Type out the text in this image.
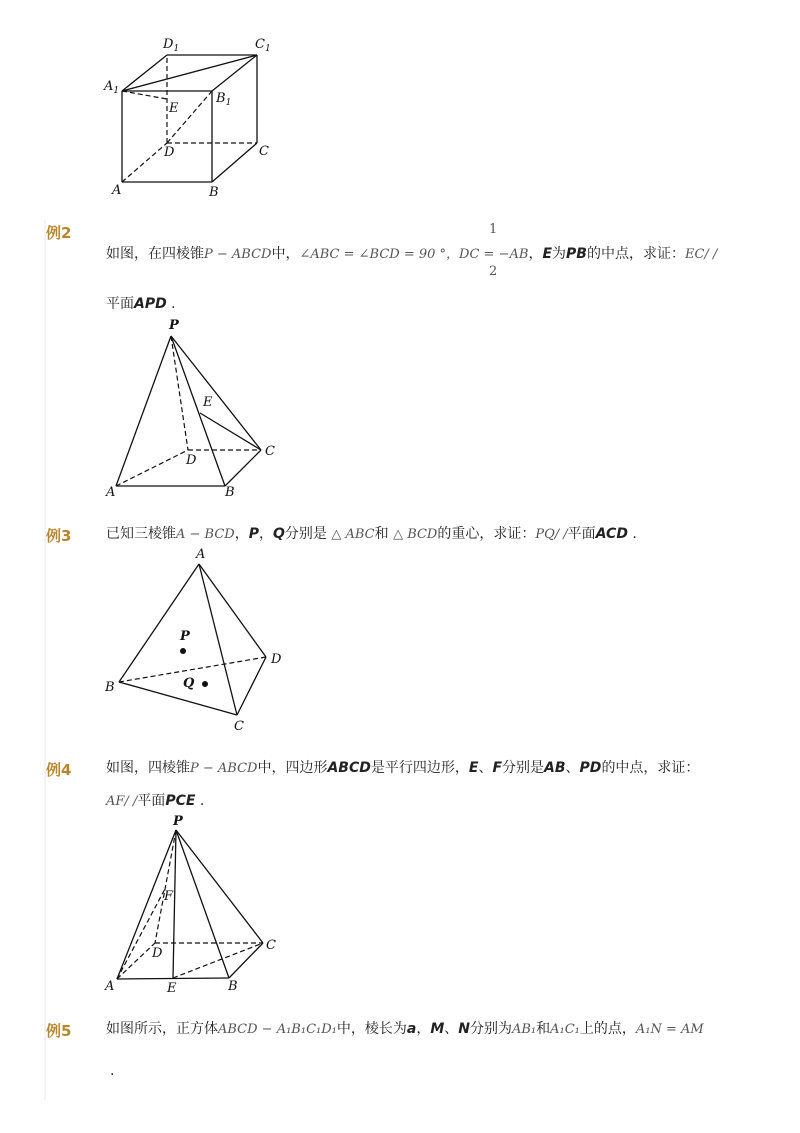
$D_1$	$C_1$
$A_1$	$B_1$
E
D	C
A	B
例2	1
2
如图，在四棱锥P − ABCD中，∠ABC = ∠BCD = 90 °，DC = −AB，E为PB的中点，求证：EC/ /
平面APD .
P
E
C
D
A	B
例3 已知三棱锥A − BCD，P，Q分别是 △ ABC和 △ BCD的重心，求证：PQ/ /平面ACD .
A
P
D
B	Q
C
例4 如图，四棱锥P − ABCD中，四边形ABCD是平行四边形，E、F分别是AB、PD的中点，求证：
AF/ /平面PCE .
P
F
C
D
A	E	B
例5 如图所示，正方体ABCD − A₁B₁C₁D₁中，棱长为a，M、N分别为AB₁和A₁C₁上的点，A₁N = AM
.
